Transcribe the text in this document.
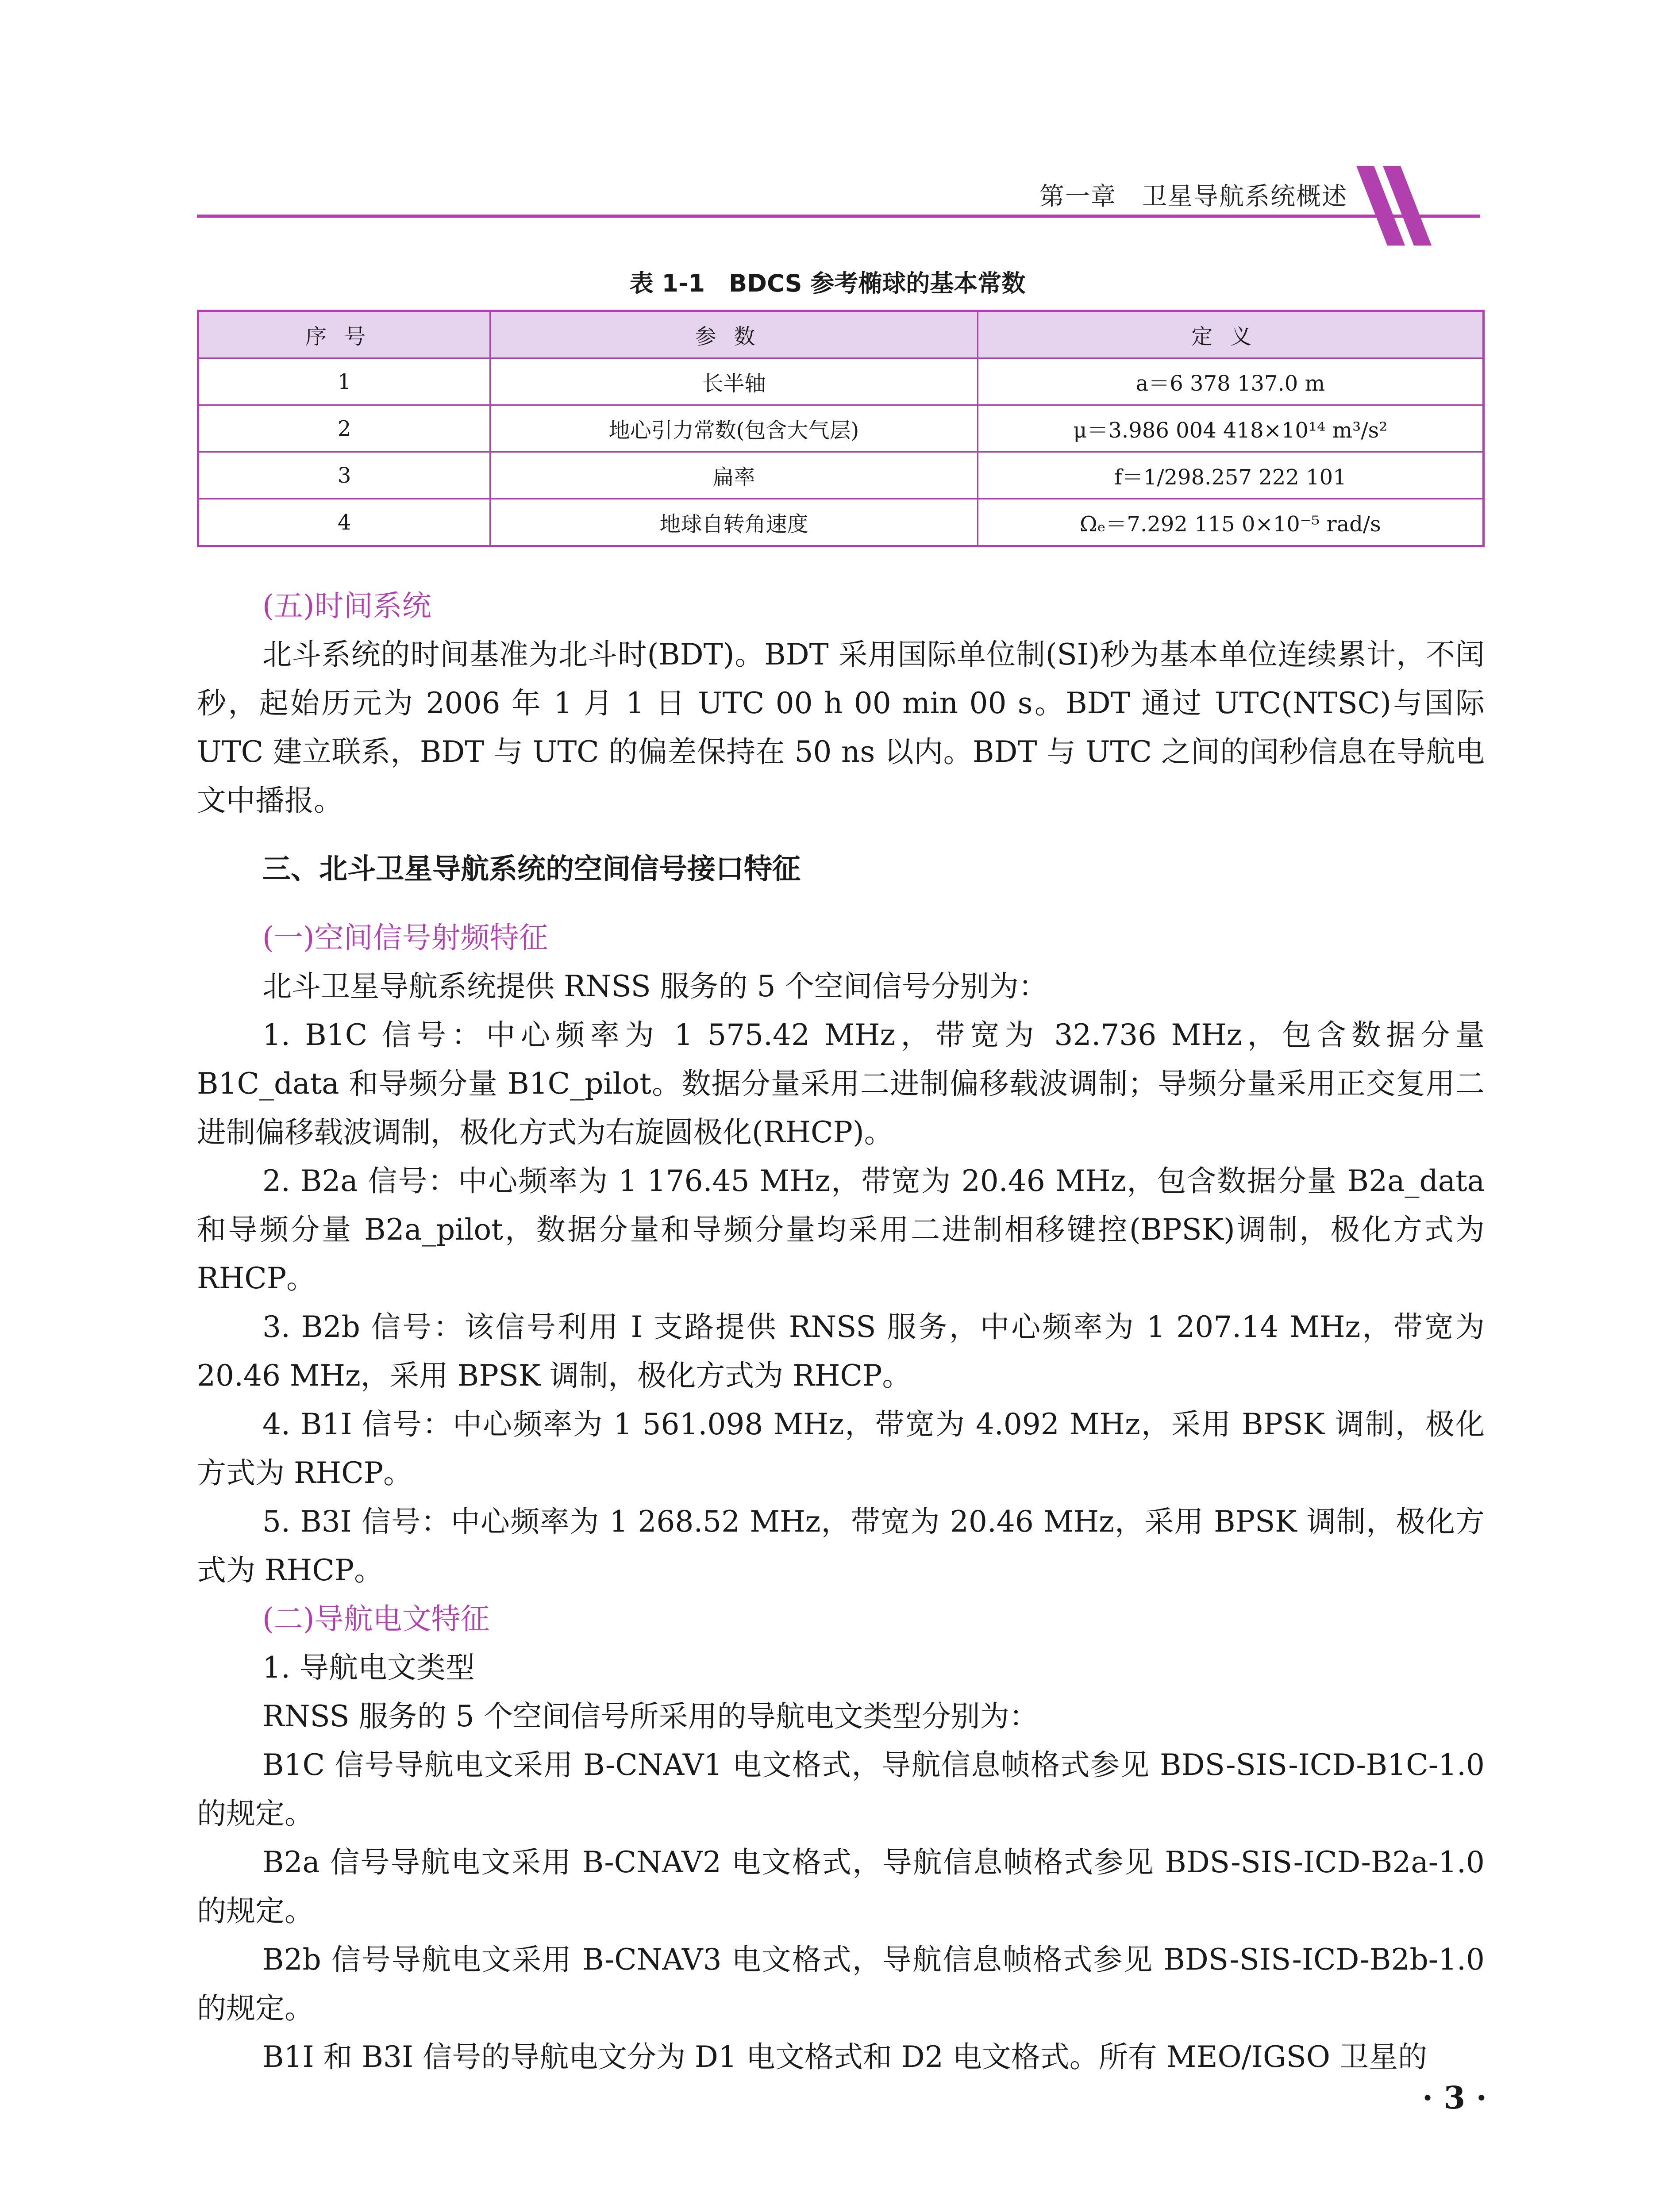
第一章　卫星导航系统概述
表 1-1　BDCS 参考椭球的基本常数
序号	参数	定义
1	长半轴	a＝6 378 137.0 m
2	地心引力常数(包含大气层)	μ＝3.986 004 418×10¹⁴ m³/s²
3	扁率	f＝1/298.257 222 101
4	地球自转角速度	Ωₑ＝7.292 115 0×10⁻⁵ rad/s

(五)时间系统

北斗系统的时间基准为北斗时(BDT)。BDT 采用国际单位制(SI)秒为基本单位连续累计，不闰秒，起始历元为 2006 年 1 月 1 日 UTC 00 h 00 min 00 s。BDT 通过 UTC(NTSC)与国际 UTC 建立联系，BDT 与 UTC 的偏差保持在 50 ns 以内。BDT 与 UTC 之间的闰秒信息在导航电文中播报。

三、北斗卫星导航系统的空间信号接口特征

(一)空间信号射频特征

北斗卫星导航系统提供 RNSS 服务的 5 个空间信号分别为：

1. B1C 信号：中心频率为 1 575.42 MHz，带宽为 32.736 MHz，包含数据分量 B1C_data 和导频分量 B1C_pilot。数据分量采用二进制偏移载波调制；导频分量采用正交复用二进制偏移载波调制，极化方式为右旋圆极化(RHCP)。

2. B2a 信号：中心频率为 1 176.45 MHz，带宽为 20.46 MHz，包含数据分量 B2a_data 和导频分量 B2a_pilot，数据分量和导频分量均采用二进制相移键控(BPSK)调制，极化方式为 RHCP。

3. B2b 信号：该信号利用 I 支路提供 RNSS 服务，中心频率为 1 207.14 MHz，带宽为 20.46 MHz，采用 BPSK 调制，极化方式为 RHCP。

4. B1I 信号：中心频率为 1 561.098 MHz，带宽为 4.092 MHz，采用 BPSK 调制，极化方式为 RHCP。

5. B3I 信号：中心频率为 1 268.52 MHz，带宽为 20.46 MHz，采用 BPSK 调制，极化方式为 RHCP。

(二)导航电文特征

1. 导航电文类型

RNSS 服务的 5 个空间信号所采用的导航电文类型分别为：

B1C 信号导航电文采用 B-CNAV1 电文格式，导航信息帧格式参见 BDS-SIS-ICD-B1C-1.0 的规定。

B2a 信号导航电文采用 B-CNAV2 电文格式，导航信息帧格式参见 BDS-SIS-ICD-B2a-1.0 的规定。

B2b 信号导航电文采用 B-CNAV3 电文格式，导航信息帧格式参见 BDS-SIS-ICD-B2b-1.0 的规定。

B1I 和 B3I 信号的导航电文分为 D1 电文格式和 D2 电文格式。所有 MEO/IGSO 卫星的

· 3 ·
